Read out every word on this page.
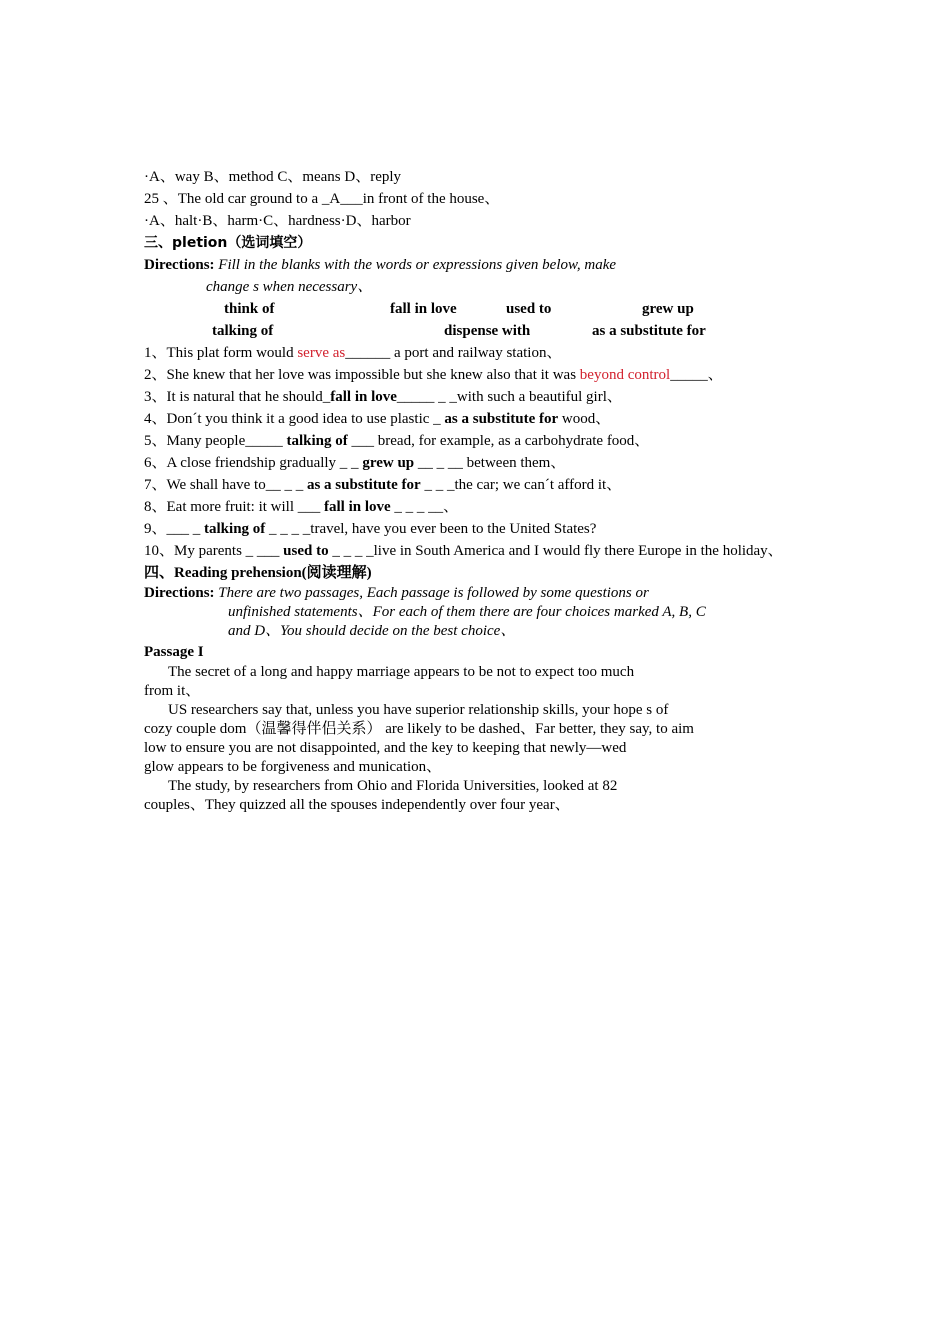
·A、way B、method C、means D、reply
25 、The old car ground to a _A___in front of the house、
·A、halt·B、harm·C、hardness·D、harbor
三、pletion（选词填空）
Directions: Fill in the blanks with the words or expressions given below, make
change s when necessary、
think of	fall in love	used to	grew up
talking of	dispense with	as a substitute for
1、This plat form would serve as______ a port and railway station、
2、She knew that her love was impossible but she knew also that it was beyond control_____、
3、It is natural that he should_fall in love_____ _ _with such a beautiful girl、
4、Don´t you think it a good idea to use plastic _ as a substitute for wood、
5、Many people_____ talking of ___ bread, for example, as a carbohydrate food、
6、A close friendship gradually _ _ grew up __ _ __ between them、
7、We shall have to__ _ _ as a substitute for _ _ _the car; we can´t afford it、
8、Eat more fruit: it will ___ fall in love _ _ _ __、
9、___ _ talking of _ _ _ _travel, have you ever been to the United States?
10、My parents _ ___ used to _ _ _ _live in South America and I would fly there Europe in the holiday、
四、Reading prehension(阅读理解)
Directions: There are two passages, Each passage is followed by some questions or
unfinished statements、For each of them there are four choices marked A, B, C
and D、You should decide on the best choice、
Passage I
The secret of a long and happy marriage appears to be not to expect too much
from it、
US researchers say that, unless you have superior relationship skills, your hope s of
cozy couple dom（温馨得伴侣关系） are likely to be dashed、Far better, they say, to aim
low to ensure you are not disappointed, and the key to keeping that newly—wed
glow appears to be forgiveness and munication、
The study, by researchers from Ohio and Florida Universities, looked at 82
couples、They quizzed all the spouses independently over four year、
